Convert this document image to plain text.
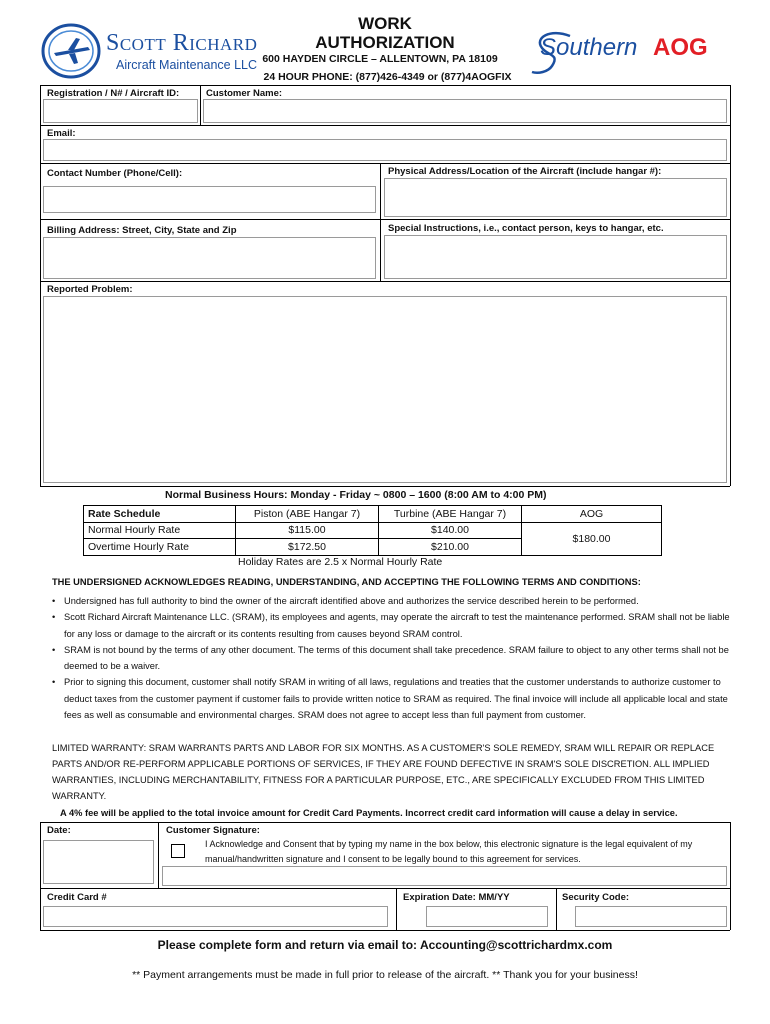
Scott Richard
Aircraft Maintenance LLC
WORK
AUTHORIZATION
600 HAYDEN CIRCLE – ALLENTOWN, PA 18109
24 HOUR PHONE: (877)426-4349 or (877)4AOGFIX
Southern AOG
Registration / N# / Aircraft ID:	Customer Name:
Email:
Contact Number (Phone/Cell):	Physical Address/Location of the Aircraft (include hangar #):
Billing Address: Street, City, State and Zip	Special Instructions, i.e., contact person, keys to hangar, etc.
Reported Problem:
Normal Business Hours: Monday - Friday ~ 0800 – 1600 (8:00 AM to 4:00 PM)
Rate Schedule	Piston (ABE Hangar 7)	Turbine (ABE Hangar 7)	AOG
Normal Hourly Rate	$115.00	$140.00	$180.00
Overtime Hourly Rate	$172.50	$210.00	
Holiday Rates are 2.5 x Normal Hourly Rate
THE UNDERSIGNED ACKNOWLEDGES READING, UNDERSTANDING, AND ACCEPTING THE FOLLOWING TERMS AND CONDITIONS:
• Undersigned has full authority to bind the owner of the aircraft identified above and authorizes the service described herein to be performed.
• Scott Richard Aircraft Maintenance LLC. (SRAM), its employees and agents, may operate the aircraft to test the maintenance performed. SRAM shall not be liable for any loss or damage to the aircraft or its contents resulting from causes beyond SRAM control.
• SRAM is not bound by the terms of any other document. The terms of this document shall take precedence. SRAM failure to object to any other terms shall not be deemed to be a waiver.
• Prior to signing this document, customer shall notify SRAM in writing of all laws, regulations and treaties that the customer understands to authorize customer to deduct taxes from the customer payment if customer fails to provide written notice to SRAM as required. The final invoice will include all applicable local and state fees as well as consumable and environmental charges. SRAM does not agree to accept less than full payment from customer.
LIMITED WARRANTY: SRAM WARRANTS PARTS AND LABOR FOR SIX MONTHS. AS A CUSTOMER'S SOLE REMEDY, SRAM WILL REPAIR OR REPLACE PARTS AND/OR RE-PERFORM APPLICABLE PORTIONS OF SERVICES, IF THEY ARE FOUND DEFECTIVE IN SRAM'S SOLE DISCRETION. ALL IMPLIED WARRANTIES, INCLUDING MERCHANTABILITY, FITNESS FOR A PARTICULAR PURPOSE, ETC., ARE SPECIFICALLY EXCLUDED FROM THIS LIMITED WARRANTY.
A 4% fee will be applied to the total invoice amount for Credit Card Payments. Incorrect credit card information will cause a delay in service.
Date:	Customer Signature:
I Acknowledge and Consent that by typing my name in the box below, this electronic signature is the legal equivalent of my manual/handwritten signature and I consent to be legally bound to this agreement for services.
Credit Card #	Expiration Date: MM/YY	Security Code:
Please complete form and return via email to: Accounting@scottrichardmx.com
** Payment arrangements must be made in full prior to release of the aircraft. ** Thank you for your business!
